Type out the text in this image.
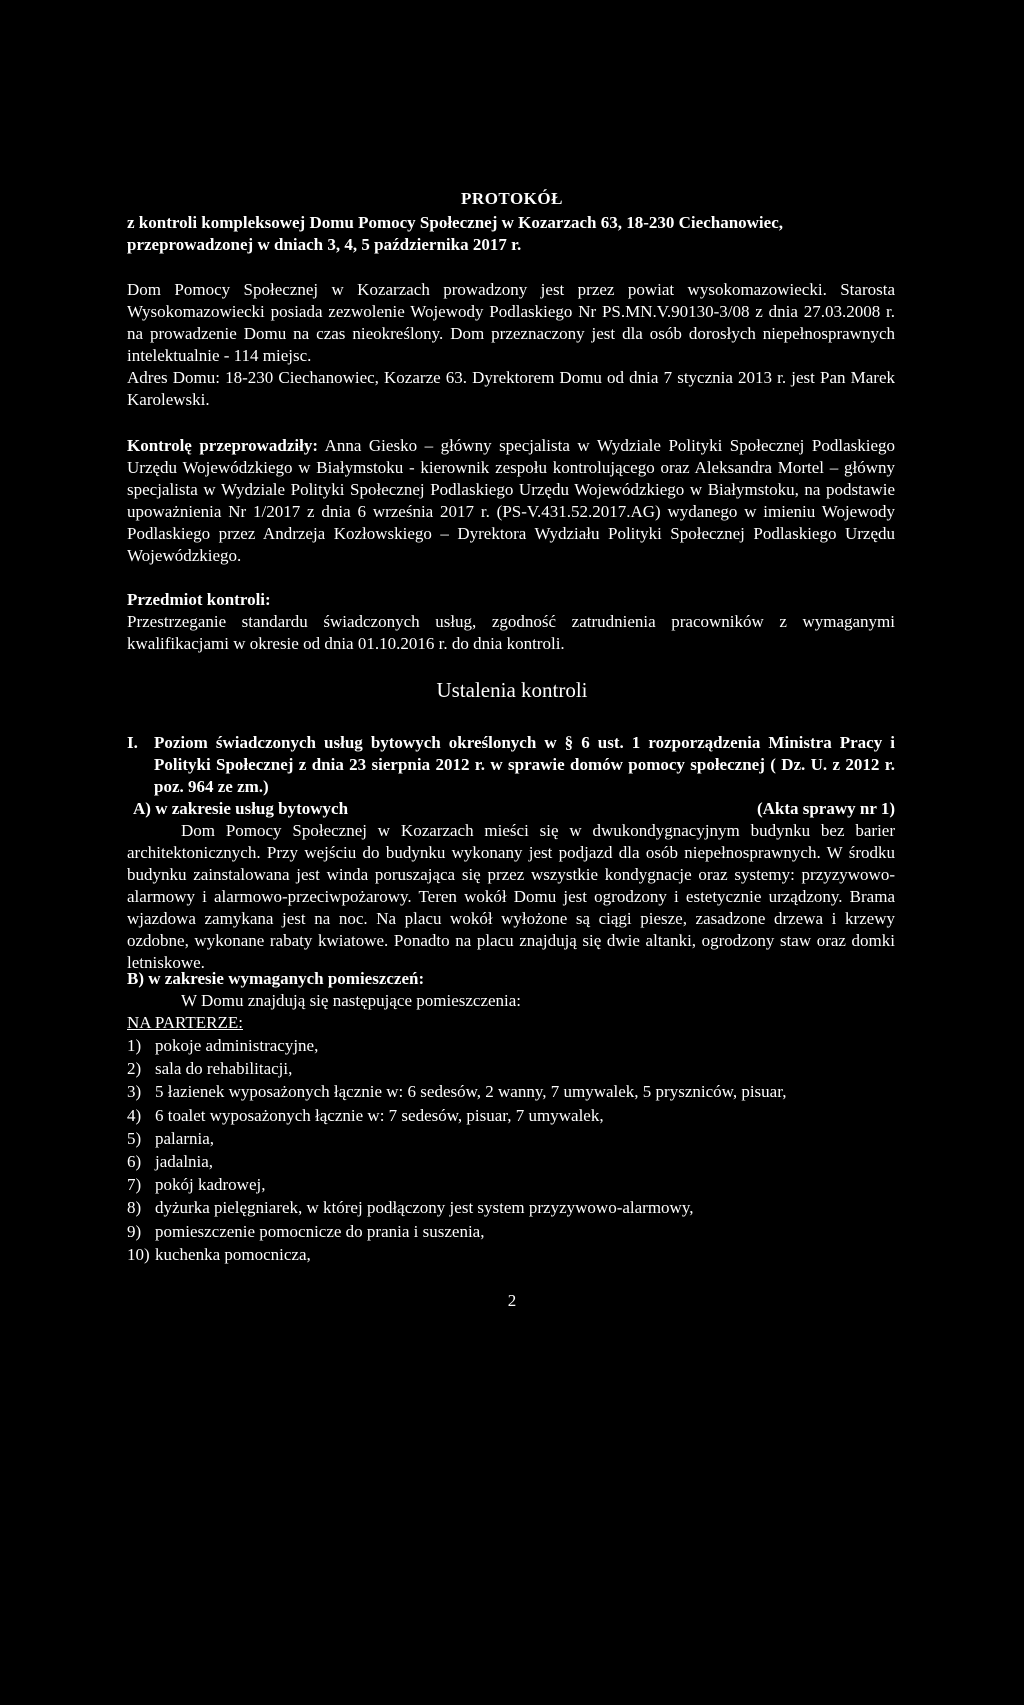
PROTOKÓŁ
z kontroli kompleksowej Domu Pomocy Społecznej w Kozarzach 63, 18-230 Ciechanowiec, przeprowadzonej w dniach 3, 4, 5 października 2017 r.

Dom Pomocy Społecznej w Kozarzach prowadzony jest przez powiat wysokomazowiecki. Starosta Wysokomazowiecki posiada zezwolenie Wojewody Podlaskiego Nr PS.MN.V.90130-3/08 z dnia 27.03.2008 r. na prowadzenie Domu na czas nieokreślony. Dom przeznaczony jest dla osób dorosłych niepełnosprawnych intelektualnie - 114 miejsc.

Adres Domu: 18-230 Ciechanowiec, Kozarze 63. Dyrektorem Domu od dnia 7 stycznia 2013 r. jest Pan Marek Karolewski.

Kontrolę przeprowadziły: Anna Giesko – główny specjalista w Wydziale Polityki Społecznej Podlaskiego Urzędu Wojewódzkiego w Białymstoku - kierownik zespołu kontrolującego oraz Aleksandra Mortel – główny specjalista w Wydziale Polityki Społecznej Podlaskiego Urzędu Wojewódzkiego w Białymstoku, na podstawie upoważnienia Nr 1/2017 z dnia 6 września 2017 r. (PS-V.431.52.2017.AG) wydanego w imieniu Wojewody Podlaskiego przez Andrzeja Kozłowskiego – Dyrektora Wydziału Polityki Społecznej Podlaskiego Urzędu Wojewódzkiego.

Przedmiot kontroli:

Przestrzeganie standardu świadczonych usług, zgodność zatrudnienia pracowników z wymaganymi kwalifikacjami w okresie od dnia 01.10.2016 r. do dnia kontroli.

Ustalenia kontroli
I. Poziom świadczonych usług bytowych określonych w § 6 ust. 1 rozporządzenia Ministra Pracy i Polityki Społecznej z dnia 23 sierpnia 2012 r. w sprawie domów pomocy społecznej ( Dz. U. z 2012 r. poz. 964 ze zm.)
A) w zakresie usług bytowych	(Akta sprawy nr 1)

Dom Pomocy Społecznej w Kozarzach mieści się w dwukondygnacyjnym budynku bez barier architektonicznych. Przy wejściu do budynku wykonany jest podjazd dla osób niepełnosprawnych. W środku budynku zainstalowana jest winda poruszająca się przez wszystkie kondygnacje oraz systemy: przyzywowo-alarmowy i alarmowo-przeciwpożarowy. Teren wokół Domu jest ogrodzony i estetycznie urządzony. Brama wjazdowa zamykana jest na noc. Na placu wokół wyłożone są ciągi piesze, zasadzone drzewa i krzewy ozdobne, wykonane rabaty kwiatowe. Ponadto na placu znajdują się dwie altanki, ogrodzony staw oraz domki letniskowe.

B) w zakresie wymaganych pomieszczeń:
W Domu znajdują się następujące pomieszczenia:
NA PARTERZE:
1) pokoje administracyjne,
2) sala do rehabilitacji,
3) 5 łazienek wyposażonych łącznie w: 6 sedesów, 2 wanny, 7 umywalek, 5 pryszniców, pisuar,
4) 6 toalet wyposażonych łącznie w: 7 sedesów, pisuar, 7 umywalek,
5) palarnia,
6) jadalnia,
7) pokój kadrowej,
8) dyżurka pielęgniarek, w której podłączony jest system przyzywowo-alarmowy,
9) pomieszczenie pomocnicze do prania i suszenia,
10) kuchenka pomocnicza,
2
